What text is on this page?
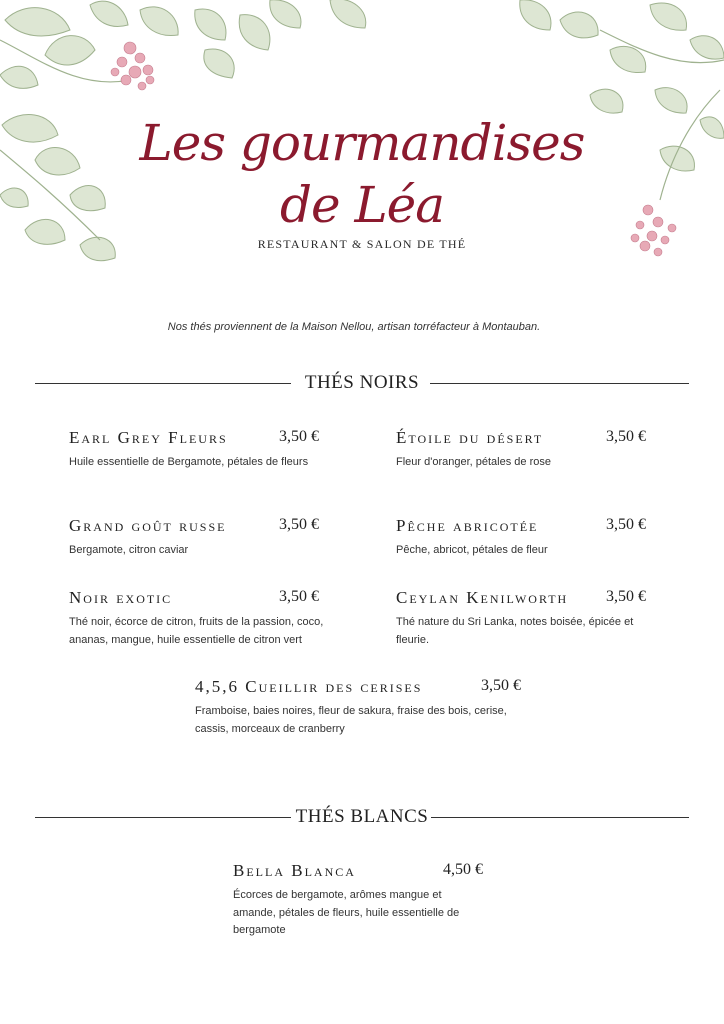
Les gourmandises
de Léa
RESTAURANT & SALON DE THÉ
Nos thés proviennent de la Maison Nellou, artisan torréfacteur à Montauban.
THÉS NOIRS
Earl Grey Fleurs	3,50 €
Huile essentielle de Bergamote, pétales de fleurs
Étoile du désert	3,50 €
Fleur d'oranger, pétales de rose
Grand goût russe	3,50 €
Bergamote, citron caviar
Pêche abricotée	3,50 €
Pêche, abricot, pétales de fleur
Noir exotic	3,50 €
Thé noir, écorce de citron, fruits de la passion, coco, ananas, mangue, huile essentielle de citron vert
Ceylan Kenilworth 3,50 €
Thé nature du Sri Lanka, notes boisée, épicée et fleurie.
4,5,6 Cueillir des cerises	3,50 €
Framboise, baies noires, fleur de sakura, fraise des bois, cerise, cassis, morceaux de cranberry
THÉS BLANCS
Bella Blanca	4,50 €
Écorces de bergamote, arômes mangue et amande, pétales de fleurs, huile essentielle de bergamote
